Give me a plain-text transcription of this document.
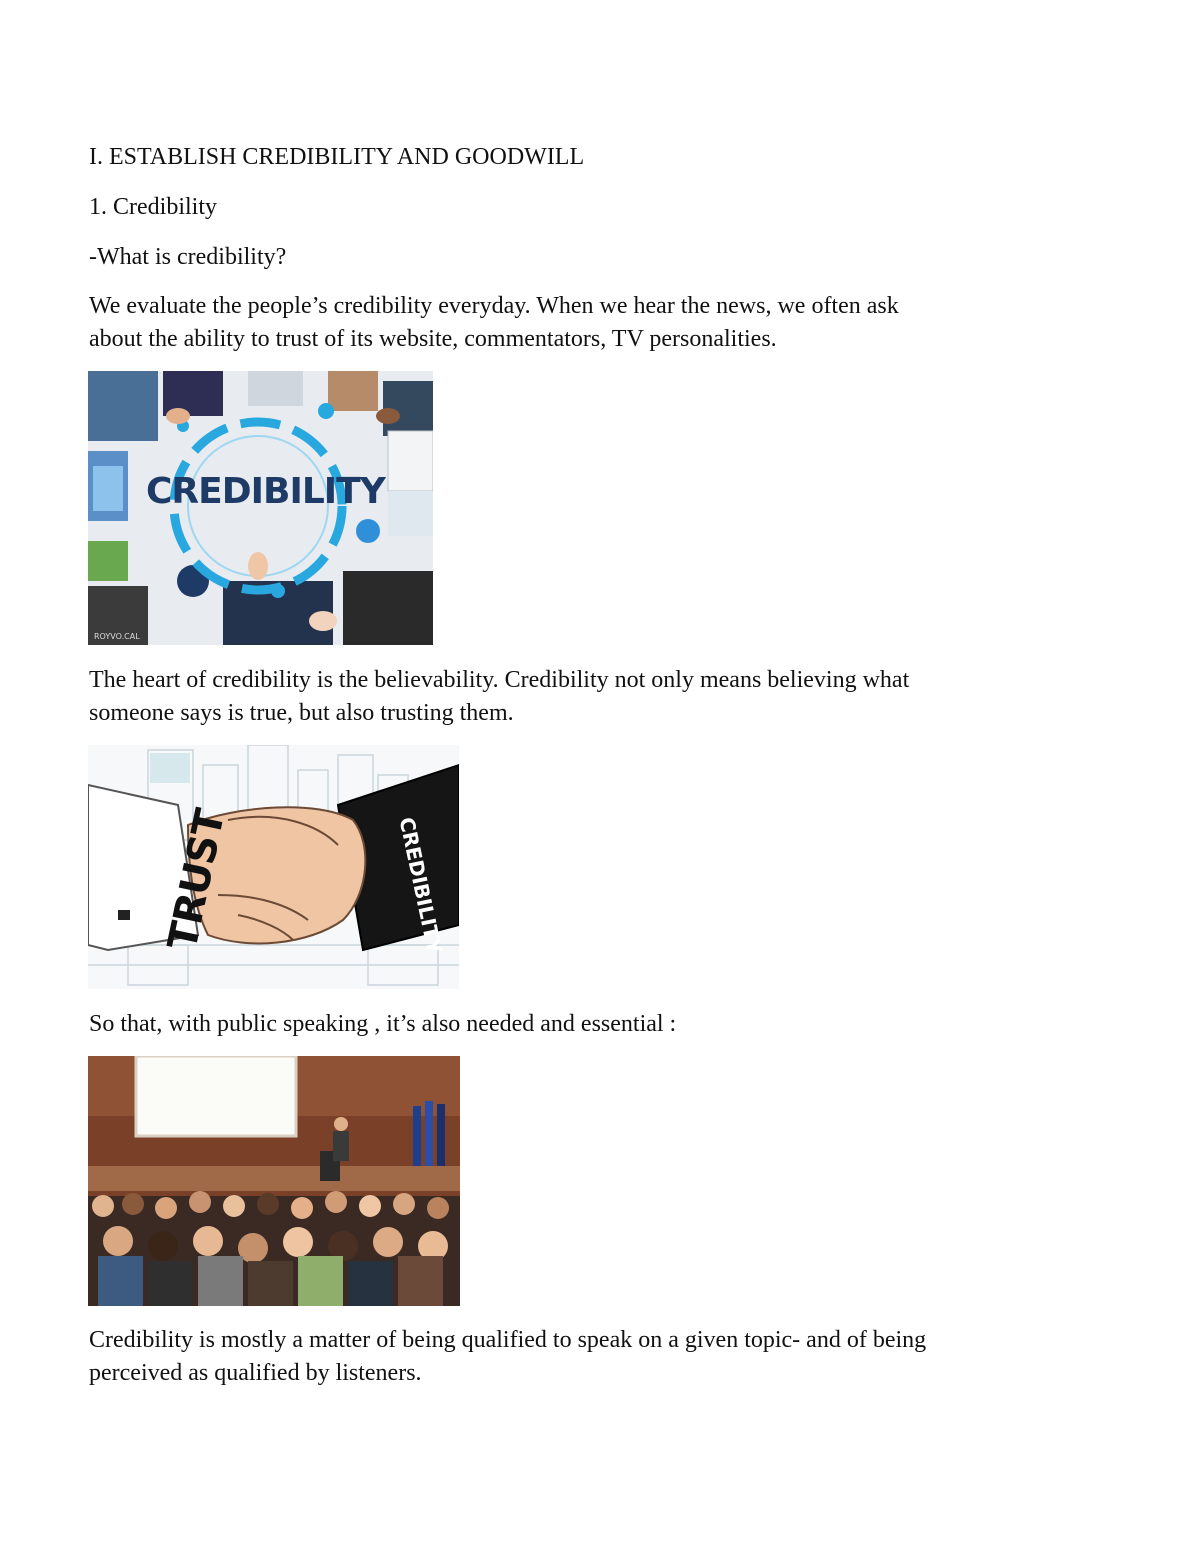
I. ESTABLISH CREDIBILITY AND GOODWILL
1. Credibility
-What is credibility?
We evaluate the people’s credibility everyday. When we hear the news, we often ask
about the ability to trust of its website, commentators, TV personalities.
CREDIBILITY
ROYVO.CAL
The heart of credibility is the believability. Credibility not only means believing what
someone says is true, but also trusting them.
TRUST	CREDIBILITY
So that, with public speaking , it’s also needed and essential :
Credibility is mostly a matter of being qualified to speak on a given topic- and of being
perceived as qualified by listeners.
